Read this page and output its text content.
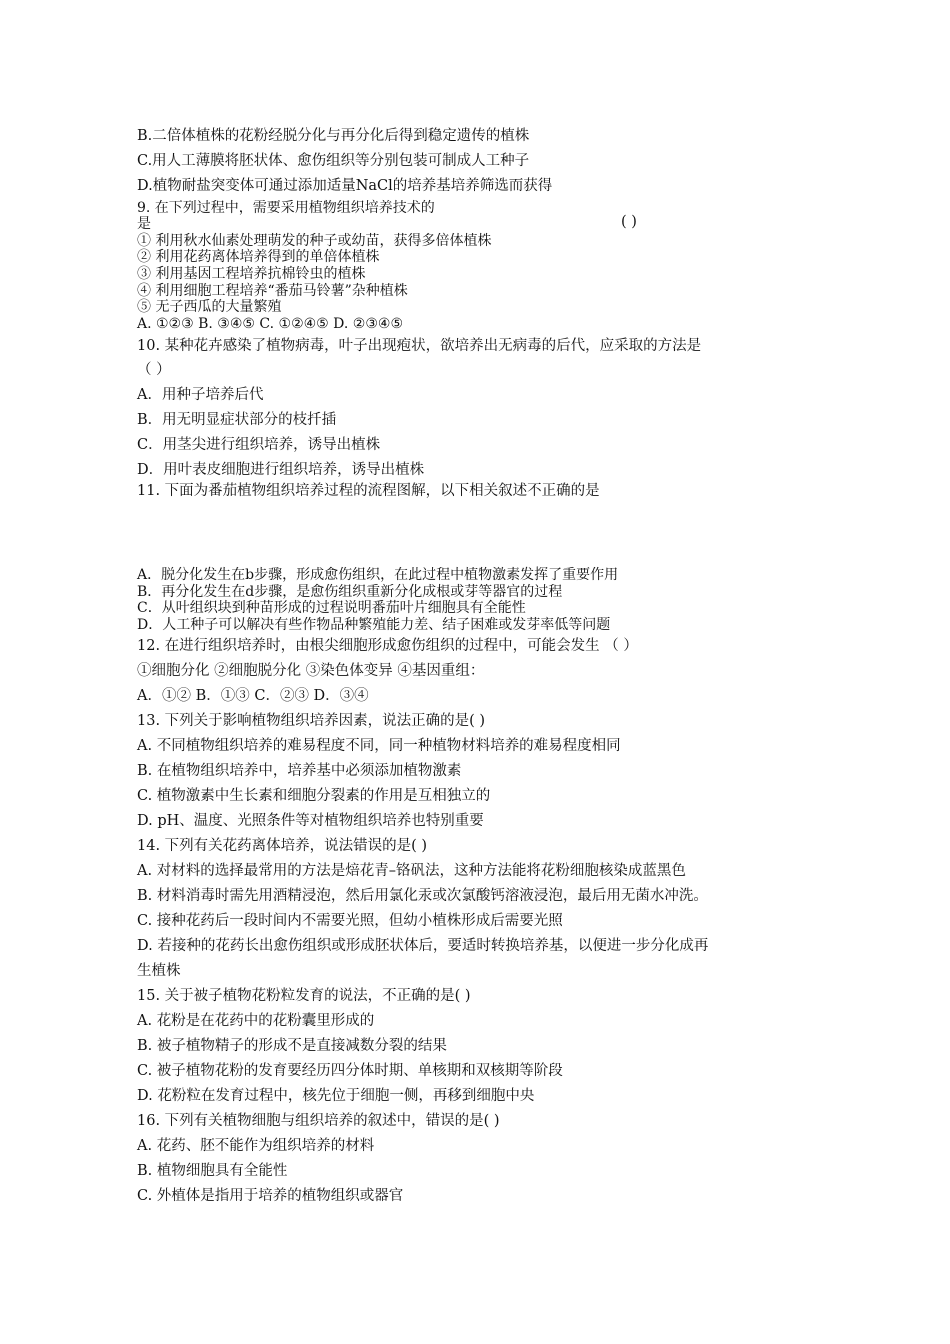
B.二倍体植株的花粉经脱分化与再分化后得到稳定遗传的植株
C.用人工薄膜将胚状体、愈伤组织等分别包装可制成人工种子
D.植物耐盐突变体可通过添加适量NaCl的培养基培养筛选而获得
9. 在下列过程中，需要采用植物组织培养技术的
是	( )
① 利用秋水仙素处理萌发的种子或幼苗，获得多倍体植株
② 利用花药离体培养得到的单倍体植株
③ 利用基因工程培养抗棉铃虫的植株
④ 利用细胞工程培养“番茄马铃薯”杂种植株
⑤ 无子西瓜的大量繁殖
A. ①②③ B. ③④⑤ C. ①②④⑤ D. ②③④⑤
10. 某种花卉感染了植物病毒，叶子出现疱状，欲培养出无病毒的后代，应采取的方法是
（ ）
A．用种子培养后代
B．用无明显症状部分的枝扦插
C．用茎尖进行组织培养，诱导出植株
D．用叶表皮细胞进行组织培养，诱导出植株
11. 下面为番茄植物组织培养过程的流程图解，以下相关叙述不正确的是
A．脱分化发生在b步骤，形成愈伤组织，在此过程中植物激素发挥了重要作用
B．再分化发生在d步骤，是愈伤组织重新分化成根或芽等器官的过程
C．从叶组织块到种苗形成的过程说明番茄叶片细胞具有全能性
D．人工种子可以解决有些作物品种繁殖能力差、结子困难或发芽率低等问题
12. 在进行组织培养时，由根尖细胞形成愈伤组织的过程中，可能会发生 （ ）
①细胞分化 ②细胞脱分化 ③染色体变异 ④基因重组：
A．①② B．①③ C．②③ D．③④
13. 下列关于影响植物组织培养因素，说法正确的是( )
A. 不同植物组织培养的难易程度不同，同一种植物材料培养的难易程度相同
B. 在植物组织培养中，培养基中必须添加植物激素
C. 植物激素中生长素和细胞分裂素的作用是互相独立的
D. pH、温度、光照条件等对植物组织培养也特别重要
14. 下列有关花药离体培养，说法错误的是( )
A. 对材料的选择最常用的方法是焙花青–铬矾法，这种方法能将花粉细胞核染成蓝黑色
B. 材料消毒时需先用酒精浸泡，然后用氯化汞或次氯酸钙溶液浸泡，最后用无菌水冲洗。
C. 接种花药后一段时间内不需要光照，但幼小植株形成后需要光照
D. 若接种的花药长出愈伤组织或形成胚状体后，要适时转换培养基，以便进一步分化成再
生植株
15. 关于被子植物花粉粒发育的说法，不正确的是( )
A. 花粉是在花药中的花粉囊里形成的
B. 被子植物精子的形成不是直接减数分裂的结果
C. 被子植物花粉的发育要经历四分体时期、单核期和双核期等阶段
D. 花粉粒在发育过程中，核先位于细胞一侧，再移到细胞中央
16. 下列有关植物细胞与组织培养的叙述中，错误的是( )
A. 花药、胚不能作为组织培养的材料
B. 植物细胞具有全能性
C. 外植体是指用于培养的植物组织或器官
